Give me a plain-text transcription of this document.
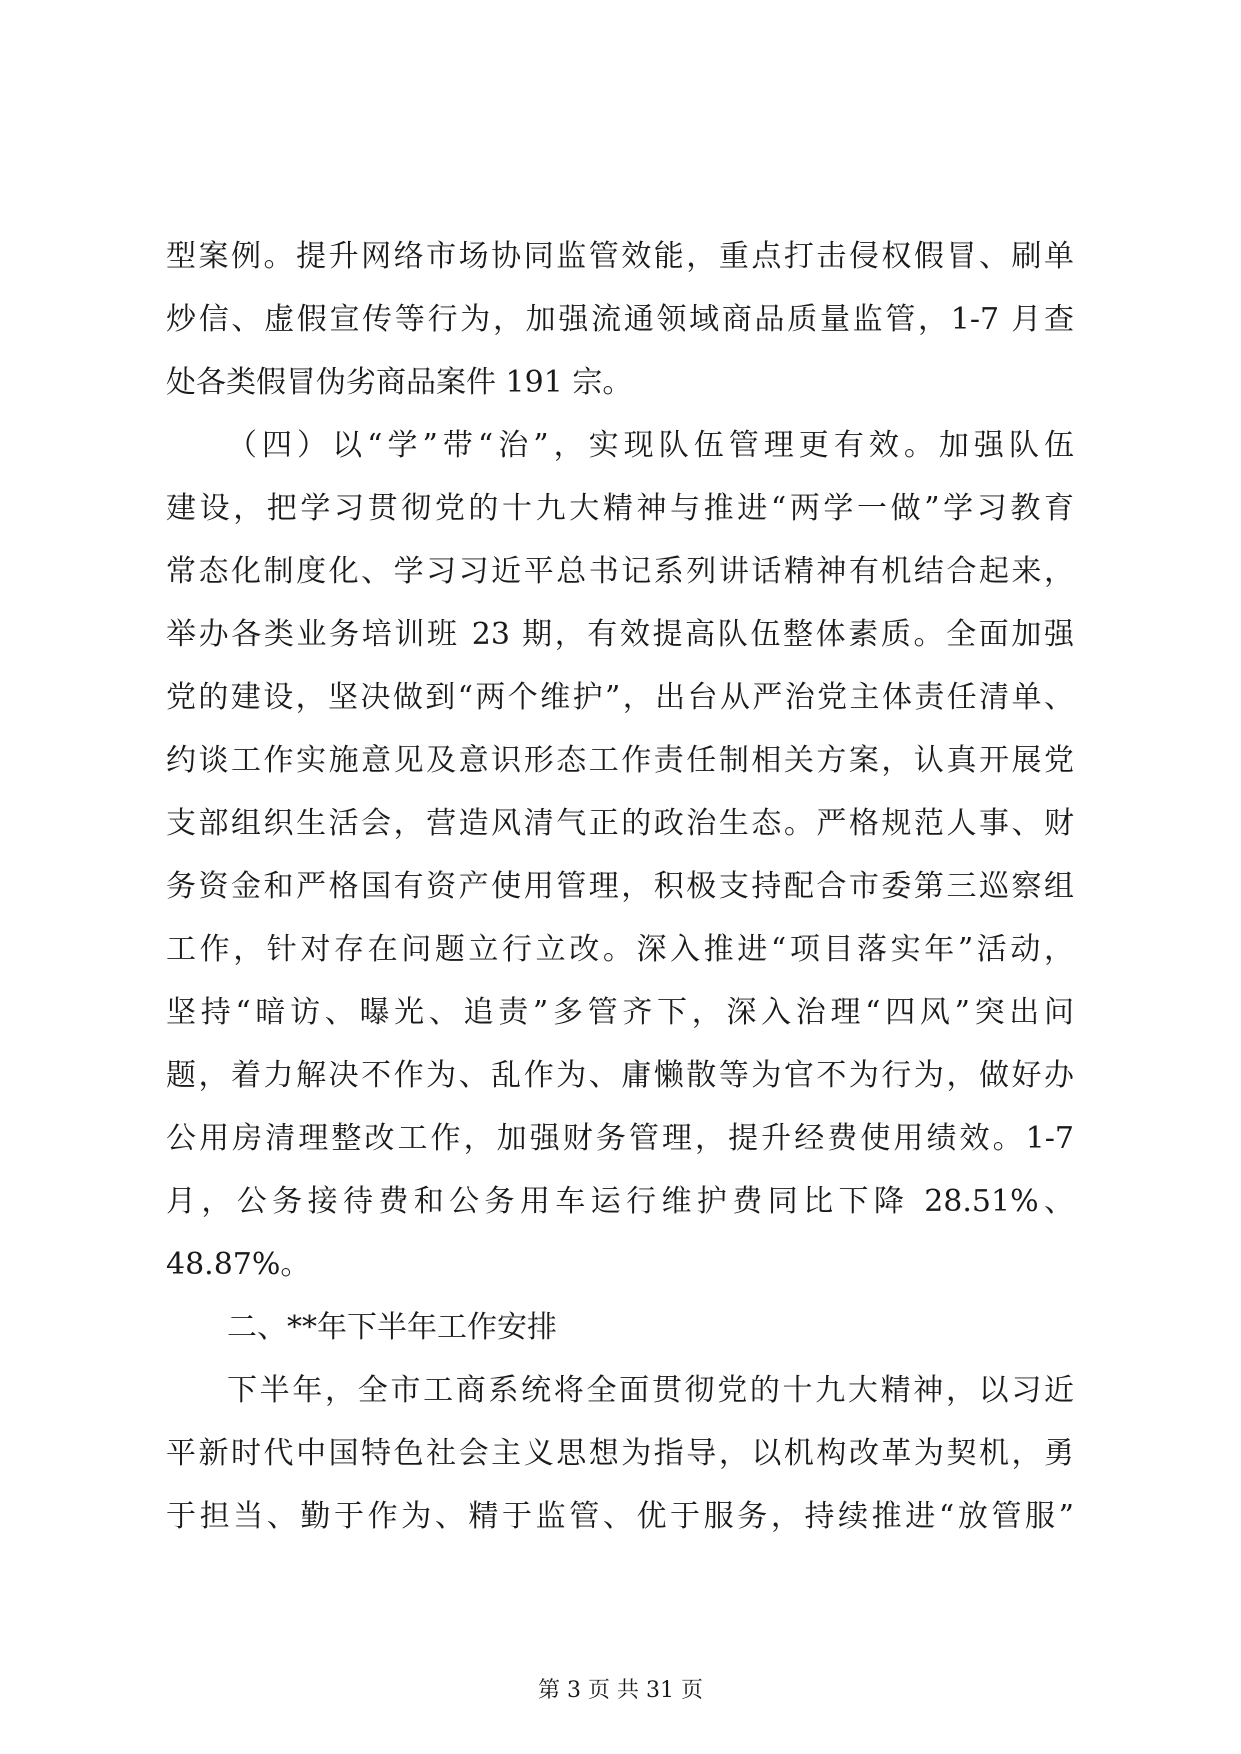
型案例。提升网络市场协同监管效能，重点打击侵权假冒、刷单
炒信、虚假宣传等行为，加强流通领域商品质量监管，1-7 月查
处各类假冒伪劣商品案件 191 宗。
（四）以“学”带“治”，实现队伍管理更有效。加强队伍
建设，把学习贯彻党的十九大精神与推进“两学一做”学习教育
常态化制度化、学习习近平总书记系列讲话精神有机结合起来，
举办各类业务培训班 23 期，有效提高队伍整体素质。全面加强
党的建设，坚决做到“两个维护”，出台从严治党主体责任清单、
约谈工作实施意见及意识形态工作责任制相关方案，认真开展党
支部组织生活会，营造风清气正的政治生态。严格规范人事、财
务资金和严格国有资产使用管理，积极支持配合市委第三巡察组
工作，针对存在问题立行立改。深入推进“项目落实年”活动，
坚持“暗访、曝光、追责”多管齐下，深入治理“四风”突出问
题，着力解决不作为、乱作为、庸懒散等为官不为行为，做好办
公用房清理整改工作，加强财务管理，提升经费使用绩效。1-7
月，公务接待费和公务用车运行维护费同比下降 28.51%、
48.87%。
二、**年下半年工作安排
下半年，全市工商系统将全面贯彻党的十九大精神，以习近
平新时代中国特色社会主义思想为指导，以机构改革为契机，勇
于担当、勤于作为、精于监管、优于服务，持续推进“放管服”
第 3 页 共 31 页
